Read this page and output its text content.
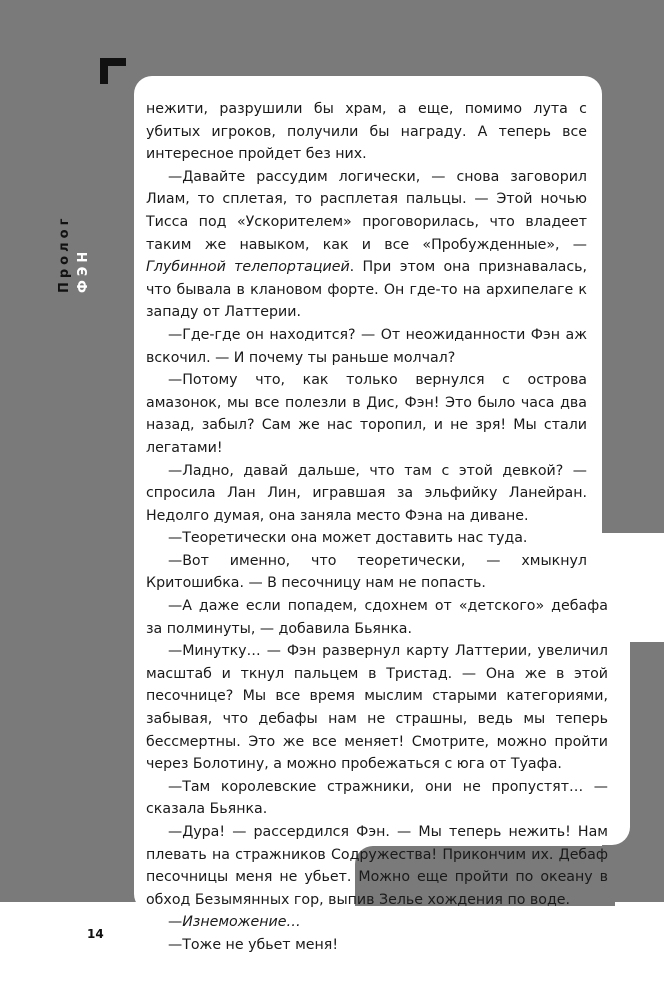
Пролог ФЭН

нежити, разрушили бы храм, а еще, помимо лута с убитых игроков, получили бы награду. А теперь все интересное пройдет без них.

—Давайте рассудим логически, — снова заговорил Лиам, то сплетая, то расплетая пальцы. — Этой ночью Тисса под «Ускорителем» проговорилась, что владеет таким же навыком, как и все «Пробужденные», — Глубинной телепортацией. При этом она признавалась, что бывала в клановом форте. Он где-то на архипелаге к западу от Латтерии.

—Где-где он находится? — От неожиданности Фэн аж вскочил. — И почему ты раньше молчал?

—Потому что, как только вернулся с острова амазонок, мы все полезли в Дис, Фэн! Это было часа два назад, забыл? Сам же нас торопил, и не зря! Мы стали легатами!

—Ладно, давай дальше, что там с этой девкой? — спросила Лан Лин, игравшая за эльфийку Ланейран. Недолго думая, она заняла место Фэна на диване.

—Теоретически она может доставить нас туда.

—Вот именно, что теоретически, — хмыкнул Критошибка. — В песочницу нам не попасть.

—А даже если попадем, сдохнем от «детского» дебафа за полминуты, — добавила Бьянка.

—Минутку… — Фэн развернул карту Латтерии, увеличил масштаб и ткнул пальцем в Тристад. — Она же в этой песочнице? Мы все время мыслим старыми категориями, забывая, что дебафы нам не страшны, ведь мы теперь бессмертны. Это же все меняет! Смотрите, можно пройти через Болотину, а можно пробежаться с юга от Туафа.

—Там королевские стражники, они не пропустят… — сказала Бьянка.

—Дура! — рассердился Фэн. — Мы теперь нежить! Нам плевать на стражников Содружества! Прикончим их. Дебаф песочницы меня не убьет. Можно еще пройти по океану в обход Безымянных гор, выпив Зелье хождения по воде.

—Изнеможение…

—Тоже не убьет меня!

14
